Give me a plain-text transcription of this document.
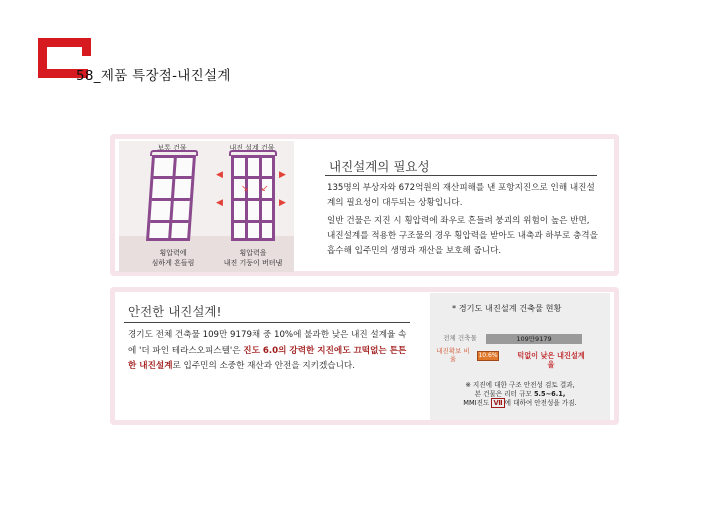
58_제품 특장점-내진설계
보통 건물	내진 설계 건물
◀
◀
▶
▶
↘ ↙
횡압력에
심하게 흔들림
횡압력을
내진 기둥이 버텨냄
내진설계의 필요성
135명의 부상자와 672억원의 재산피해를 낸 포항지진으로 인해 내진설계의 필요성이 대두되는 상황입니다.
일반 건물은 지진 시 횡압력에 좌우로 흔들려 붕괴의 위험이 높은 반면, 내진설계를 적용한 구조물의 경우 횡압력을 받아도 내축과 하부로 충격을 흡수해 입주민의 생명과 재산을 보호해 줍니다.
안전한 내진설계!
경기도 전체 건축물 109만 9179채 중 10%에 불과한 낮은 내진 설계율 속에 '더 파인 테라스오피스텔'은 진도 6.0의 강력한 지진에도 끄떡없는 튼튼한 내진설계로 입주민의 소중한 재산과 안전을 지키겠습니다.
* 경기도 내진설계 건축물 현황
전체 건축물	109만9179
내진확보 비율	10.6%	턱없이 낮은 내진설계율
※ 지진에 대한 구조 안전성 검토 결과,
본 건물은 리터 규모 5.5~6.1,
MMI진도 Ⅶ 에 대하여 안전성을 가짐.
